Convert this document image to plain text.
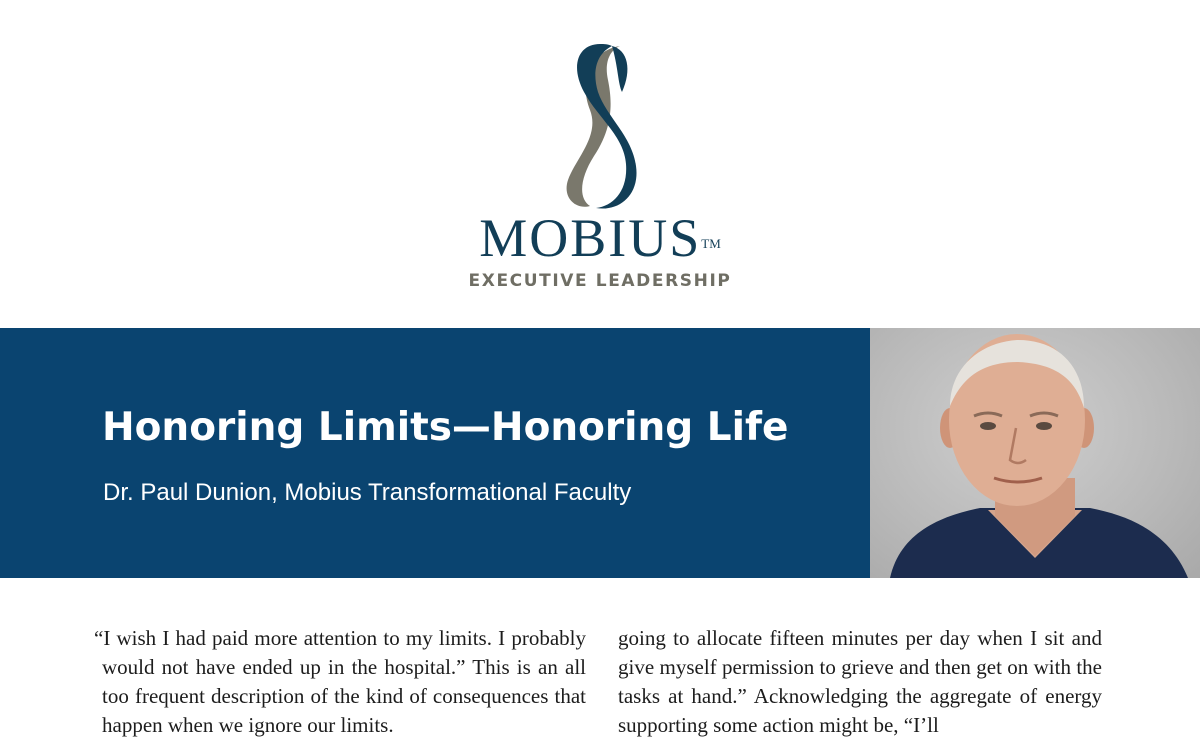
MOBIUS™
EXECUTIVE LEADERSHIP
Honoring Limits—Honoring Life
Dr. Paul Dunion, Mobius Transformational Faculty
“I wish I had paid more attention to my limits. I probably would not have ended up in the hospital.” This is an all too frequent description of the kind of consequences that happen when we ignore our limits.
going to allocate fifteen minutes per day when I sit and give myself permission to grieve and then get on with the tasks at hand.” Acknowledging the aggregate of energy supporting some action might be, “I’ll
